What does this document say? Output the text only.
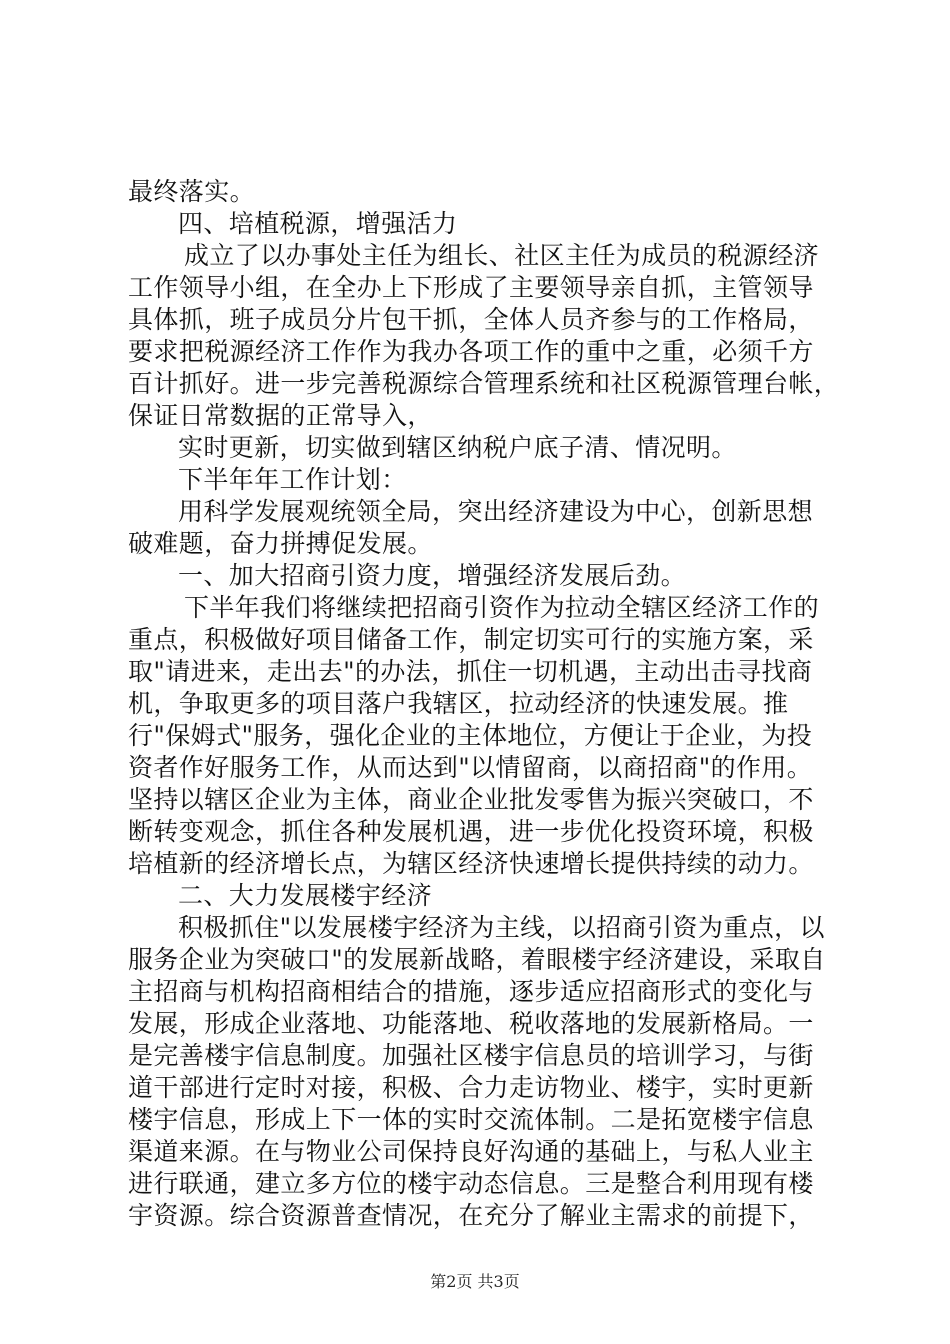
最终落实。
四、培植税源，增强活力
成立了以办事处主任为组长、社区主任为成员的税源经济
工作领导小组，在全办上下形成了主要领导亲自抓，主管领导
具体抓，班子成员分片包干抓，全体人员齐参与的工作格局，
要求把税源经济工作作为我办各项工作的重中之重，必须千方
百计抓好。进一步完善税源综合管理系统和社区税源管理台帐，
保证日常数据的正常导入，
实时更新，切实做到辖区纳税户底子清、情况明。
下半年年工作计划：
用科学发展观统领全局，突出经济建设为中心，创新思想
破难题，奋力拼搏促发展。
一、加大招商引资力度，增强经济发展后劲。
下半年我们将继续把招商引资作为拉动全辖区经济工作的
重点，积极做好项目储备工作，制定切实可行的实施方案，采
取"请进来，走出去"的办法，抓住一切机遇，主动出击寻找商
机，争取更多的项目落户我辖区，拉动经济的快速发展。推
行"保姆式"服务，强化企业的主体地位，方便让于企业，为投
资者作好服务工作，从而达到"以情留商，以商招商"的作用。
坚持以辖区企业为主体，商业企业批发零售为振兴突破口，不
断转变观念，抓住各种发展机遇，进一步优化投资环境，积极
培植新的经济增长点，为辖区经济快速增长提供持续的动力。
二、大力发展楼宇经济
积极抓住"以发展楼宇经济为主线，以招商引资为重点，以
服务企业为突破口"的发展新战略，着眼楼宇经济建设，采取自
主招商与机构招商相结合的措施，逐步适应招商形式的变化与
发展，形成企业落地、功能落地、税收落地的发展新格局。一
是完善楼宇信息制度。加强社区楼宇信息员的培训学习，与街
道干部进行定时对接，积极、合力走访物业、楼宇，实时更新
楼宇信息，形成上下一体的实时交流体制。二是拓宽楼宇信息
渠道来源。在与物业公司保持良好沟通的基础上，与私人业主
进行联通，建立多方位的楼宇动态信息。三是整合利用现有楼
宇资源。综合资源普查情况，在充分了解业主需求的前提下，
第2页 共3页
